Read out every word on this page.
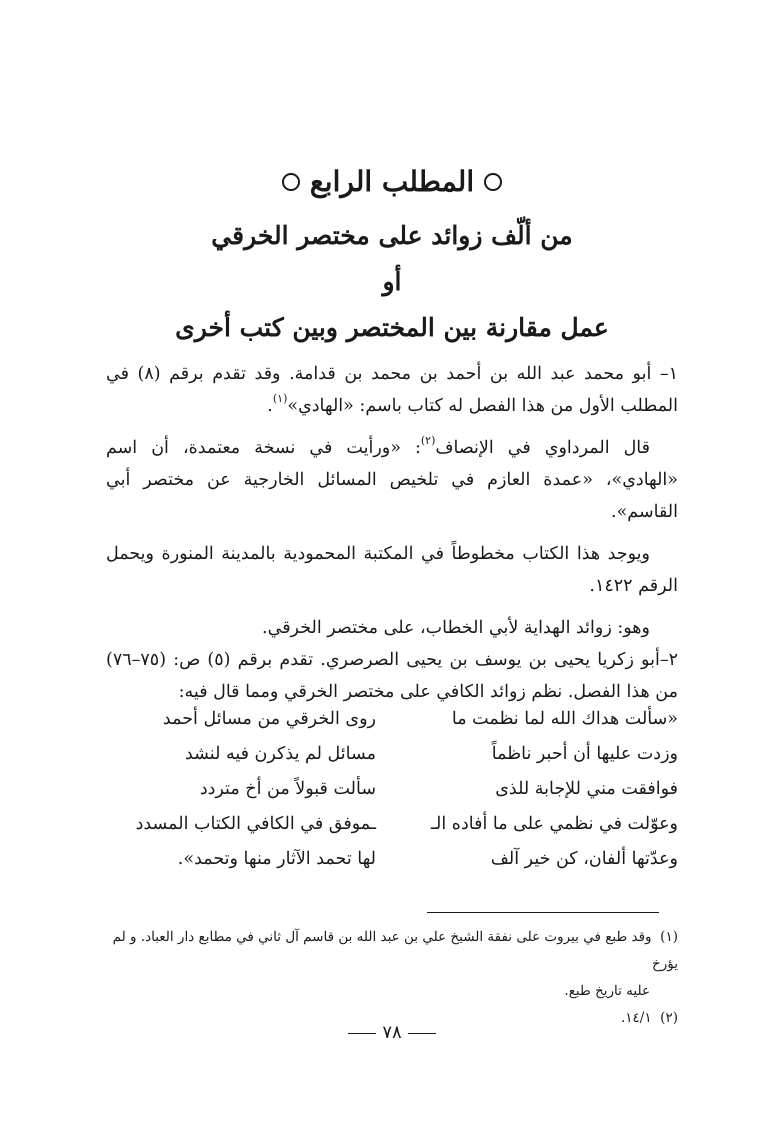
المطلب الرابع
من ألّف زوائد على مختصر الخرقي
أو
عمل مقارنة بين المختصر وبين كتب أخرى

١– أبو محمد عبد الله بن أحمد بن محمد بن قدامة. وقد تقدم برقم (٨) في المطلب الأول من هذا الفصل له كتاب باسم: «الهادي»$^{(١)}$.

قال المرداوي في الإنصاف$^{(٢)}$: «ورأيت في نسخة معتمدة، أن اسم «الهادي»، «عمدة العازم في تلخيص المسائل الخارجية عن مختصر أبي القاسم».

ويوجد هذا الكتاب مخطوطاً في المكتبة المحمودية بالمدينة المنورة ويحمل الرقم ١٤٢٢.

وهو: زوائد الهداية لأبي الخطاب، على مختصر الخرقي.

٢–أبو زكريا يحيى بن يوسف بن يحيى الصرصري. تقدم برقم (٥) ص: (٧٥–٧٦) من هذا الفصل. نظم زوائد الكافي على مختصر الخرقي ومما قال فيه:

«سألت هداك الله لما نظمت ما
روى الخرقي من مسائل أحمد
وزدت عليها أن أحبر ناظماً
مسائل لم يذكرن فيه لنشد
فوافقت مني للإجابة للذى
سألت قبولاً من أخ متردد
وعوّلت في نظمي على ما أفاده الـ
ـموفق في الكافي الكتاب المسدد
وعدّتها ألفان، كن خير آلف
لها تحمد الآثار منها وتحمد».

(١)  وقد طبع في بيروت على نفقة الشيخ علي بن عبد الله بن قاسم آل ثاني في مطابع دار العباد. و لم يؤرخ

عليه تاريخ طبع.

(٢)  ١٤/١.

٧٨
